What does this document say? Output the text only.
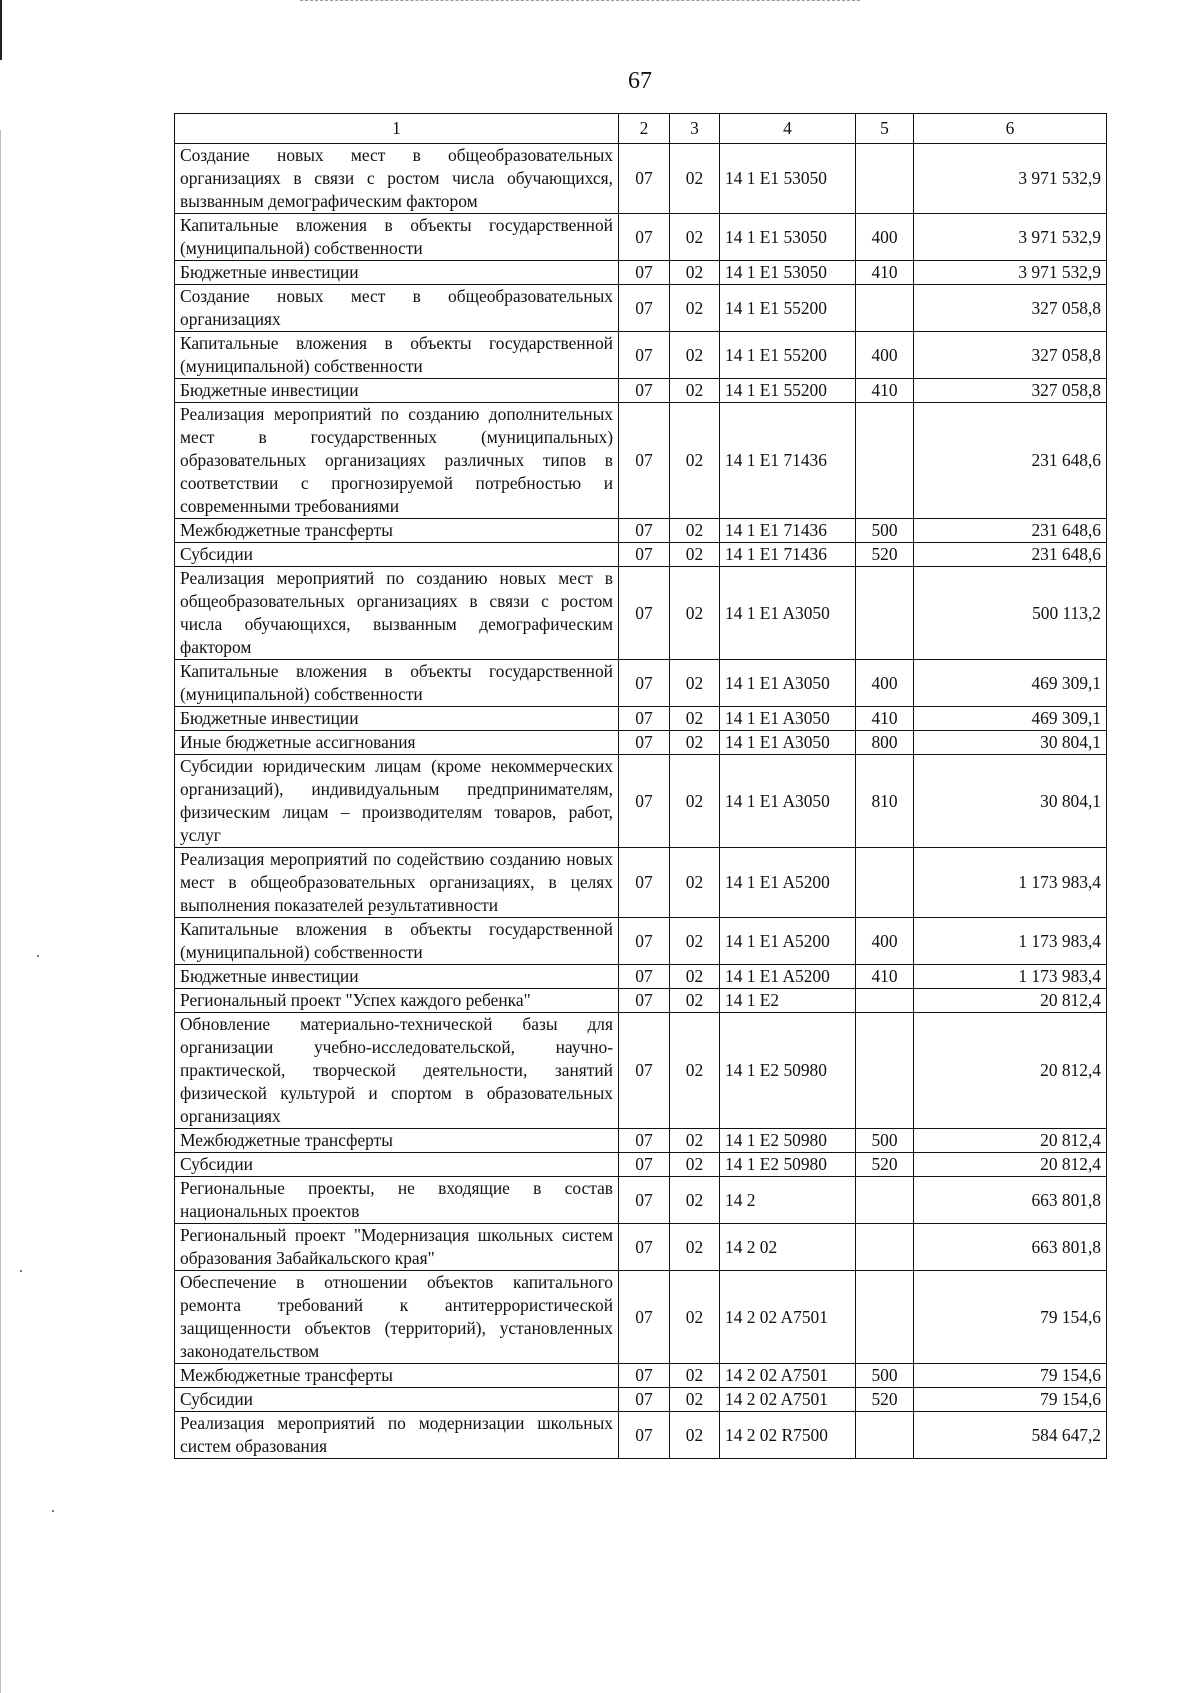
67
1	2	3	4	5	6
Создание новых мест в общеобразовательных организациях в связи с ростом числа обучающихся, вызванным демографическим фактором	07	02	14 1 E1 53050		3 971 532,9
Капитальные вложения в объекты государственной (муниципальной) собственности	07	02	14 1 E1 53050	400	3 971 532,9
Бюджетные инвестиции	07	02	14 1 E1 53050	410	3 971 532,9
Создание новых мест в общеобразовательных организациях	07	02	14 1 E1 55200		327 058,8
Капитальные вложения в объекты государственной (муниципальной) собственности	07	02	14 1 E1 55200	400	327 058,8
Бюджетные инвестиции	07	02	14 1 E1 55200	410	327 058,8
Реализация мероприятий по созданию дополнительных мест в государственных (муниципальных) образовательных организациях различных типов в соответствии с прогнозируемой потребностью и современными требованиями	07	02	14 1 E1 71436		231 648,6
Межбюджетные трансферты	07	02	14 1 E1 71436	500	231 648,6
Субсидии	07	02	14 1 E1 71436	520	231 648,6
Реализация мероприятий по созданию новых мест в общеобразовательных организациях в связи с ростом числа обучающихся, вызванным демографическим фактором	07	02	14 1 E1 A3050		500 113,2
Капитальные вложения в объекты государственной (муниципальной) собственности	07	02	14 1 E1 A3050	400	469 309,1
Бюджетные инвестиции	07	02	14 1 E1 A3050	410	469 309,1
Иные бюджетные ассигнования	07	02	14 1 E1 A3050	800	30 804,1
Субсидии юридическим лицам (кроме некоммерческих организаций), индивидуальным предпринимателям, физическим лицам – производителям товаров, работ, услуг	07	02	14 1 E1 A3050	810	30 804,1
Реализация мероприятий по содействию созданию новых мест в общеобразовательных организациях, в целях выполнения показателей результативности	07	02	14 1 E1 A5200		1 173 983,4
Капитальные вложения в объекты государственной (муниципальной) собственности	07	02	14 1 E1 A5200	400	1 173 983,4
Бюджетные инвестиции	07	02	14 1 E1 A5200	410	1 173 983,4
Региональный проект "Успех каждого ребенка"	07	02	14 1 E2		20 812,4
Обновление материально-технической базы для организации учебно-исследовательской, научно-практической, творческой деятельности, занятий физической культурой и спортом в образовательных организациях	07	02	14 1 E2 50980		20 812,4
Межбюджетные трансферты	07	02	14 1 E2 50980	500	20 812,4
Субсидии	07	02	14 1 E2 50980	520	20 812,4
Региональные проекты, не входящие в состав национальных проектов	07	02	14 2		663 801,8
Региональный проект "Модернизация школьных систем образования Забайкальского края"	07	02	14 2 02		663 801,8
Обеспечение в отношении объектов капитального ремонта требований к антитеррористической защищенности объектов (территорий), установленных законодательством	07	02	14 2 02 A7501		79 154,6
Межбюджетные трансферты	07	02	14 2 02 A7501	500	79 154,6
Субсидии	07	02	14 2 02 A7501	520	79 154,6
Реализация мероприятий по модернизации школьных систем образования	07	02	14 2 02 R7500		584 647,2
